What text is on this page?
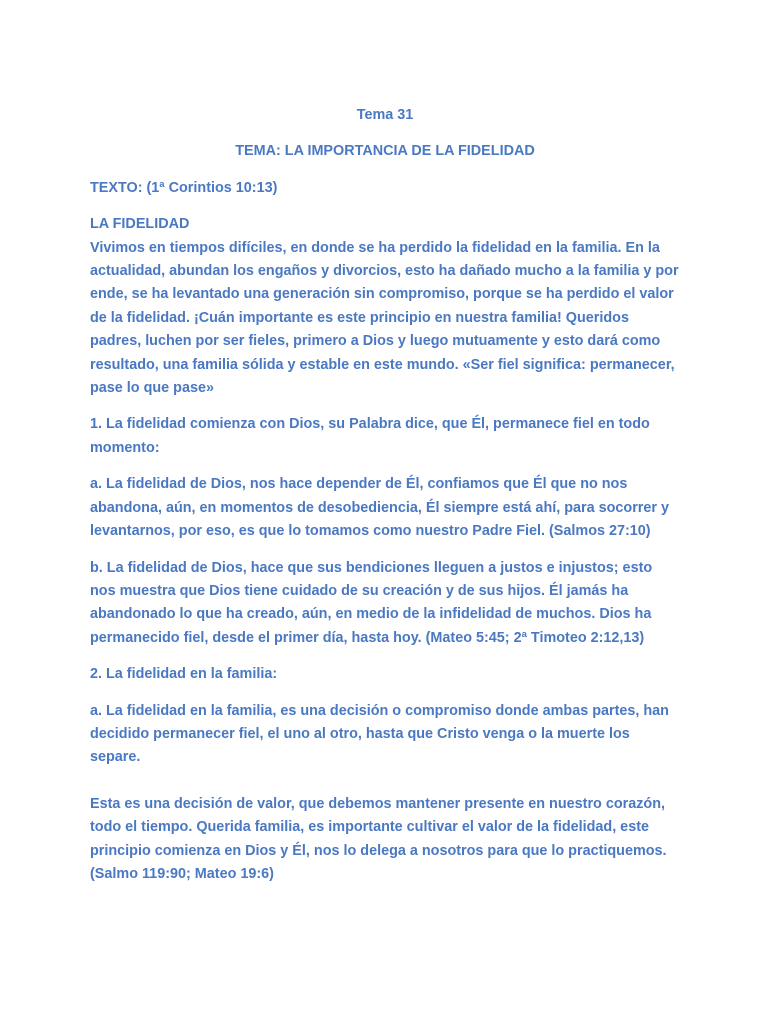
Tema 31

TEMA: LA IMPORTANCIA DE LA FIDELIDAD

TEXTO: (1ª Corintios 10:13)

LA FIDELIDAD
Vivimos en tiempos difíciles, en donde se ha perdido la fidelidad en la familia. En la actualidad, abundan los engaños y divorcios, esto ha dañado mucho a la familia y por ende, se ha levantado una generación sin compromiso, porque se ha perdido el valor de la fidelidad. ¡Cuán importante es este principio en nuestra familia! Queridos padres, luchen por ser fieles, primero a Dios y luego mutuamente y esto dará como resultado, una familia sólida y estable en este mundo. «Ser fiel significa: permanecer, pase lo que pase»

1. La fidelidad comienza con Dios, su Palabra dice, que Él, permanece fiel en todo momento:

a. La fidelidad de Dios, nos hace depender de Él, confiamos que Él que no nos abandona, aún, en momentos de desobediencia, Él siempre está ahí, para socorrer y levantarnos, por eso, es que lo tomamos como nuestro Padre Fiel. (Salmos 27:10)

b. La fidelidad de Dios, hace que sus bendiciones lleguen a justos e injustos; esto nos muestra que Dios tiene cuidado de su creación y de sus hijos. Él jamás ha abandonado lo que ha creado, aún, en medio de la infidelidad de muchos. Dios ha permanecido fiel, desde el primer día, hasta hoy. (Mateo 5:45; 2ª Timoteo 2:12,13)

2. La fidelidad en la familia:

a. La fidelidad en la familia, es una decisión o compromiso donde ambas partes, han decidido permanecer fiel, el uno al otro, hasta que Cristo venga o la muerte los separe.

Esta es una decisión de valor, que debemos mantener presente en nuestro corazón, todo el tiempo. Querida familia, es importante cultivar el valor de la fidelidad, este principio comienza en Dios y Él, nos lo delega a nosotros para que lo practiquemos. (Salmo 119:90; Mateo 19:6)
